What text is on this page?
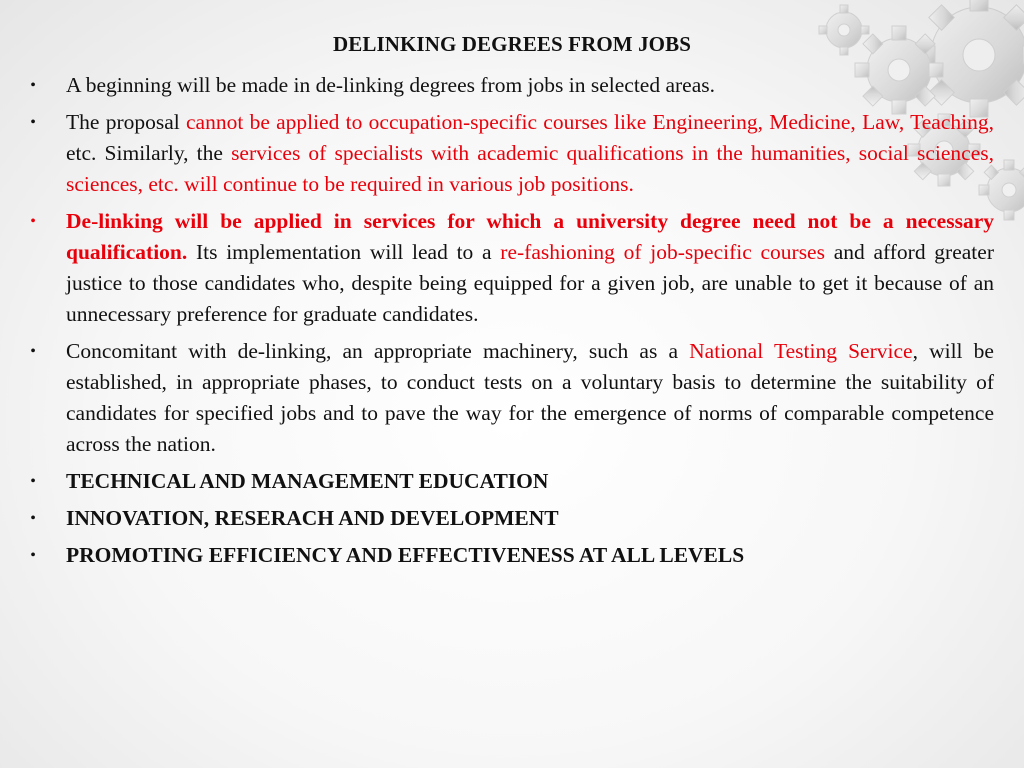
DELINKING DEGREES FROM JOBS
• A beginning will be made in de-linking degrees from jobs in selected areas.
• The proposal cannot be applied to occupation-specific courses like Engineering, Medicine, Law, Teaching, etc. Similarly, the services of specialists with academic qualifications in the humanities, social sciences, sciences, etc. will continue to be required in various job positions.
• De-linking will be applied in services for which a university degree need not be a necessary qualification. Its implementation will lead to a re-fashioning of job-specific courses and afford greater justice to those candidates who, despite being equipped for a given job, are unable to get it because of an unnecessary preference for graduate candidates.
• Concomitant with de-linking, an appropriate machinery, such as a National Testing Service, will be established, in appropriate phases, to conduct tests on a voluntary basis to determine the suitability of candidates for specified jobs and to pave the way for the emergence of norms of comparable competence across the nation.
• TECHNICAL AND MANAGEMENT EDUCATION
• INNOVATION, RESERACH AND DEVELOPMENT
• PROMOTING EFFICIENCY AND EFFECTIVENESS AT ALL LEVELS
